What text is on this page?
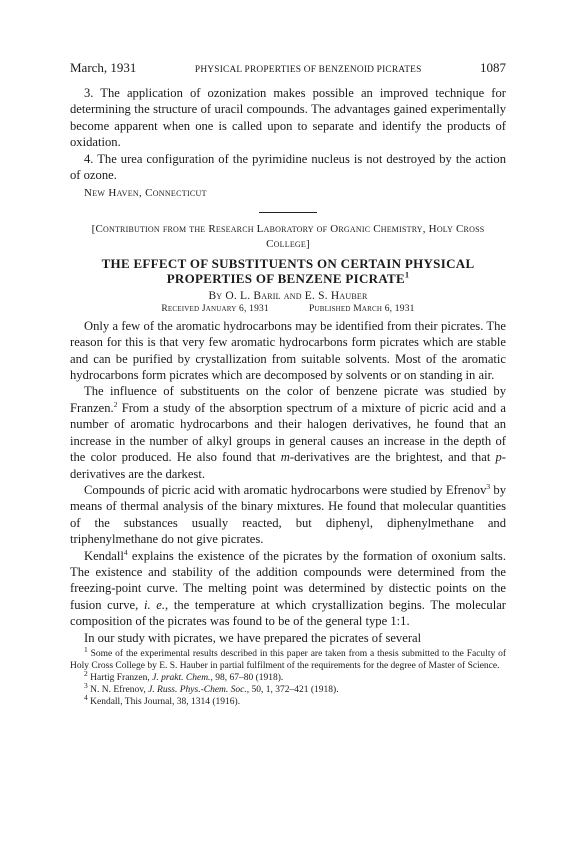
March, 1931	PHYSICAL PROPERTIES OF BENZENOID PICRATES	1087

3. The application of ozonization makes possible an improved technique for determining the structure of uracil compounds. The advantages gained experimentally become apparent when one is called upon to separate and identify the products of oxidation.

4. The urea configuration of the pyrimidine nucleus is not destroyed by the action of ozone.

New Haven, Connecticut

[Contribution from the Research Laboratory of Organic Chemistry, Holy Cross College]

THE EFFECT OF SUBSTITUENTS ON CERTAIN PHYSICAL
PROPERTIES OF BENZENE PICRATE$^1$
By O. L. Baril and E. S. Hauber
Received January 6, 1931	Published March 6, 1931

Only a few of the aromatic hydrocarbons may be identified from their picrates. The reason for this is that very few aromatic hydrocarbons form picrates which are stable and can be purified by crystallization from suitable solvents. Most of the aromatic hydrocarbons form picrates which are decomposed by solvents or on standing in air.

The influence of substituents on the color of benzene picrate was studied by Franzen.$^2$ From a study of the absorption spectrum of a mixture of picric acid and a number of aromatic hydrocarbons and their halogen derivatives, he found that an increase in the number of alkyl groups in general causes an increase in the depth of the color produced. He also found that m-derivatives are the brightest, and that p-derivatives are the darkest.

Compounds of picric acid with aromatic hydrocarbons were studied by Efrenov$^3$ by means of thermal analysis of the binary mixtures. He found that molecular quantities of the substances usually reacted, but diphenyl, diphenylmethane and triphenylmethane do not give picrates.

Kendall$^4$ explains the existence of the picrates by the formation of oxonium salts. The existence and stability of the addition compounds were determined from the freezing-point curve. The melting point was determined by distectic points on the fusion curve, i. e., the temperature at which crystallization begins. The molecular composition of the picrates was found to be of the general type 1:1.

In our study with picrates, we have prepared the picrates of several

$^1$ Some of the experimental results described in this paper are taken from a thesis submitted to the Faculty of Holy Cross College by E. S. Hauber in partial fulfilment of the requirements for the degree of Master of Science.

$^2$ Hartig Franzen, J. prakt. Chem., 98, 67–80 (1918).

$^3$ N. N. Efrenov, J. Russ. Phys.-Chem. Soc., 50, 1, 372–421 (1918).

$^4$ Kendall, This Journal, 38, 1314 (1916).
